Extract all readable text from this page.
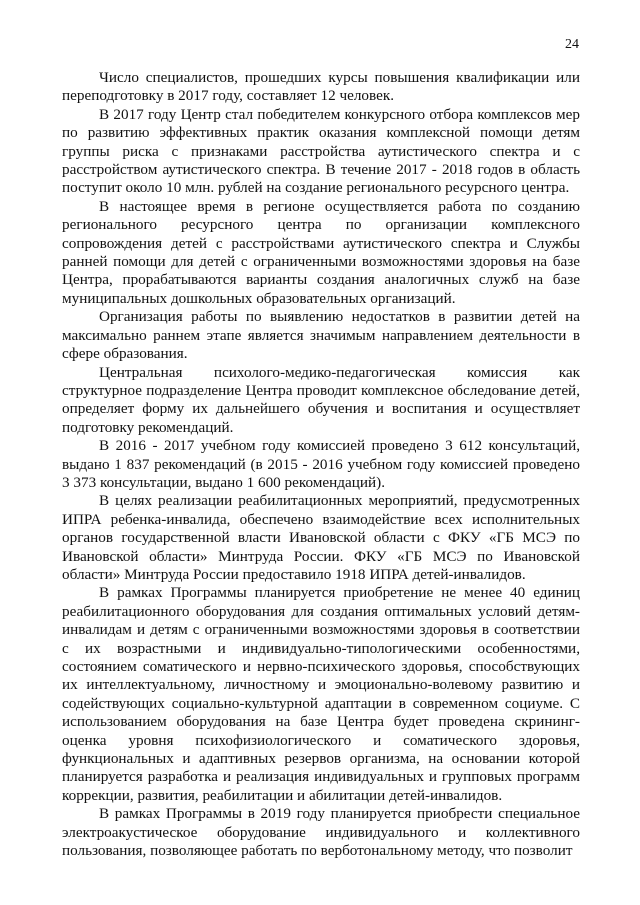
24

Число специалистов, прошедших курсы повышения квалификации или переподготовку в 2017 году, составляет 12 человек.

В 2017 году Центр стал победителем конкурсного отбора комплексов мер по развитию эффективных практик оказания комплексной помощи детям группы риска с признаками расстройства аутистического спектра и с расстройством аутистического спектра. В течение 2017 - 2018 годов в область поступит около 10 млн. рублей на создание регионального ресурсного центра.

В настоящее время в регионе осуществляется работа по созданию регионального ресурсного центра по организации комплексного сопровождения детей с расстройствами аутистического спектра и Службы ранней помощи для детей с ограниченными возможностями здоровья на базе Центра, прорабатываются варианты создания аналогичных служб на базе муниципальных дошкольных образовательных организаций.

Организация работы по выявлению недостатков в развитии детей на максимально раннем этапе является значимым направлением деятельности в сфере образования.

Центральная психолого-медико-педагогическая комиссия как структурное подразделение Центра проводит комплексное обследование детей, определяет форму их дальнейшего обучения и воспитания и осуществляет подготовку рекомендаций.

В 2016 - 2017 учебном году комиссией проведено 3 612 консультаций, выдано 1 837 рекомендаций (в 2015 - 2016 учебном году комиссией проведено 3 373 консультации, выдано 1 600 рекомендаций).

В целях реализации реабилитационных мероприятий, предусмотренных ИПРА ребенка-инвалида, обеспечено взаимодействие всех исполнительных органов государственной власти Ивановской области с ФКУ «ГБ МСЭ по Ивановской области» Минтруда России. ФКУ «ГБ МСЭ по Ивановской области» Минтруда России предоставило 1918 ИПРА детей-инвалидов.

В рамках Программы планируется приобретение не менее 40 единиц реабилитационного оборудования для создания оптимальных условий детям-инвалидам и детям с ограниченными возможностями здоровья в соответствии с их возрастными и индивидуально-типологическими особенностями, состоянием соматического и нервно-психического здоровья, способствующих их интеллектуальному, личностному и эмоционально-волевому развитию и содействующих социально-культурной адаптации в современном социуме. С использованием оборудования на базе Центра будет проведена скрининг-оценка уровня психофизиологического и соматического здоровья, функциональных и адаптивных резервов организма, на основании которой планируется разработка и реализация индивидуальных и групповых программ коррекции, развития, реабилитации и абилитации детей-инвалидов.

В рамках Программы в 2019 году планируется приобрести специальное электроакустическое оборудование индивидуального и коллективного пользования, позволяющее работать по верботональному методу, что позволит
